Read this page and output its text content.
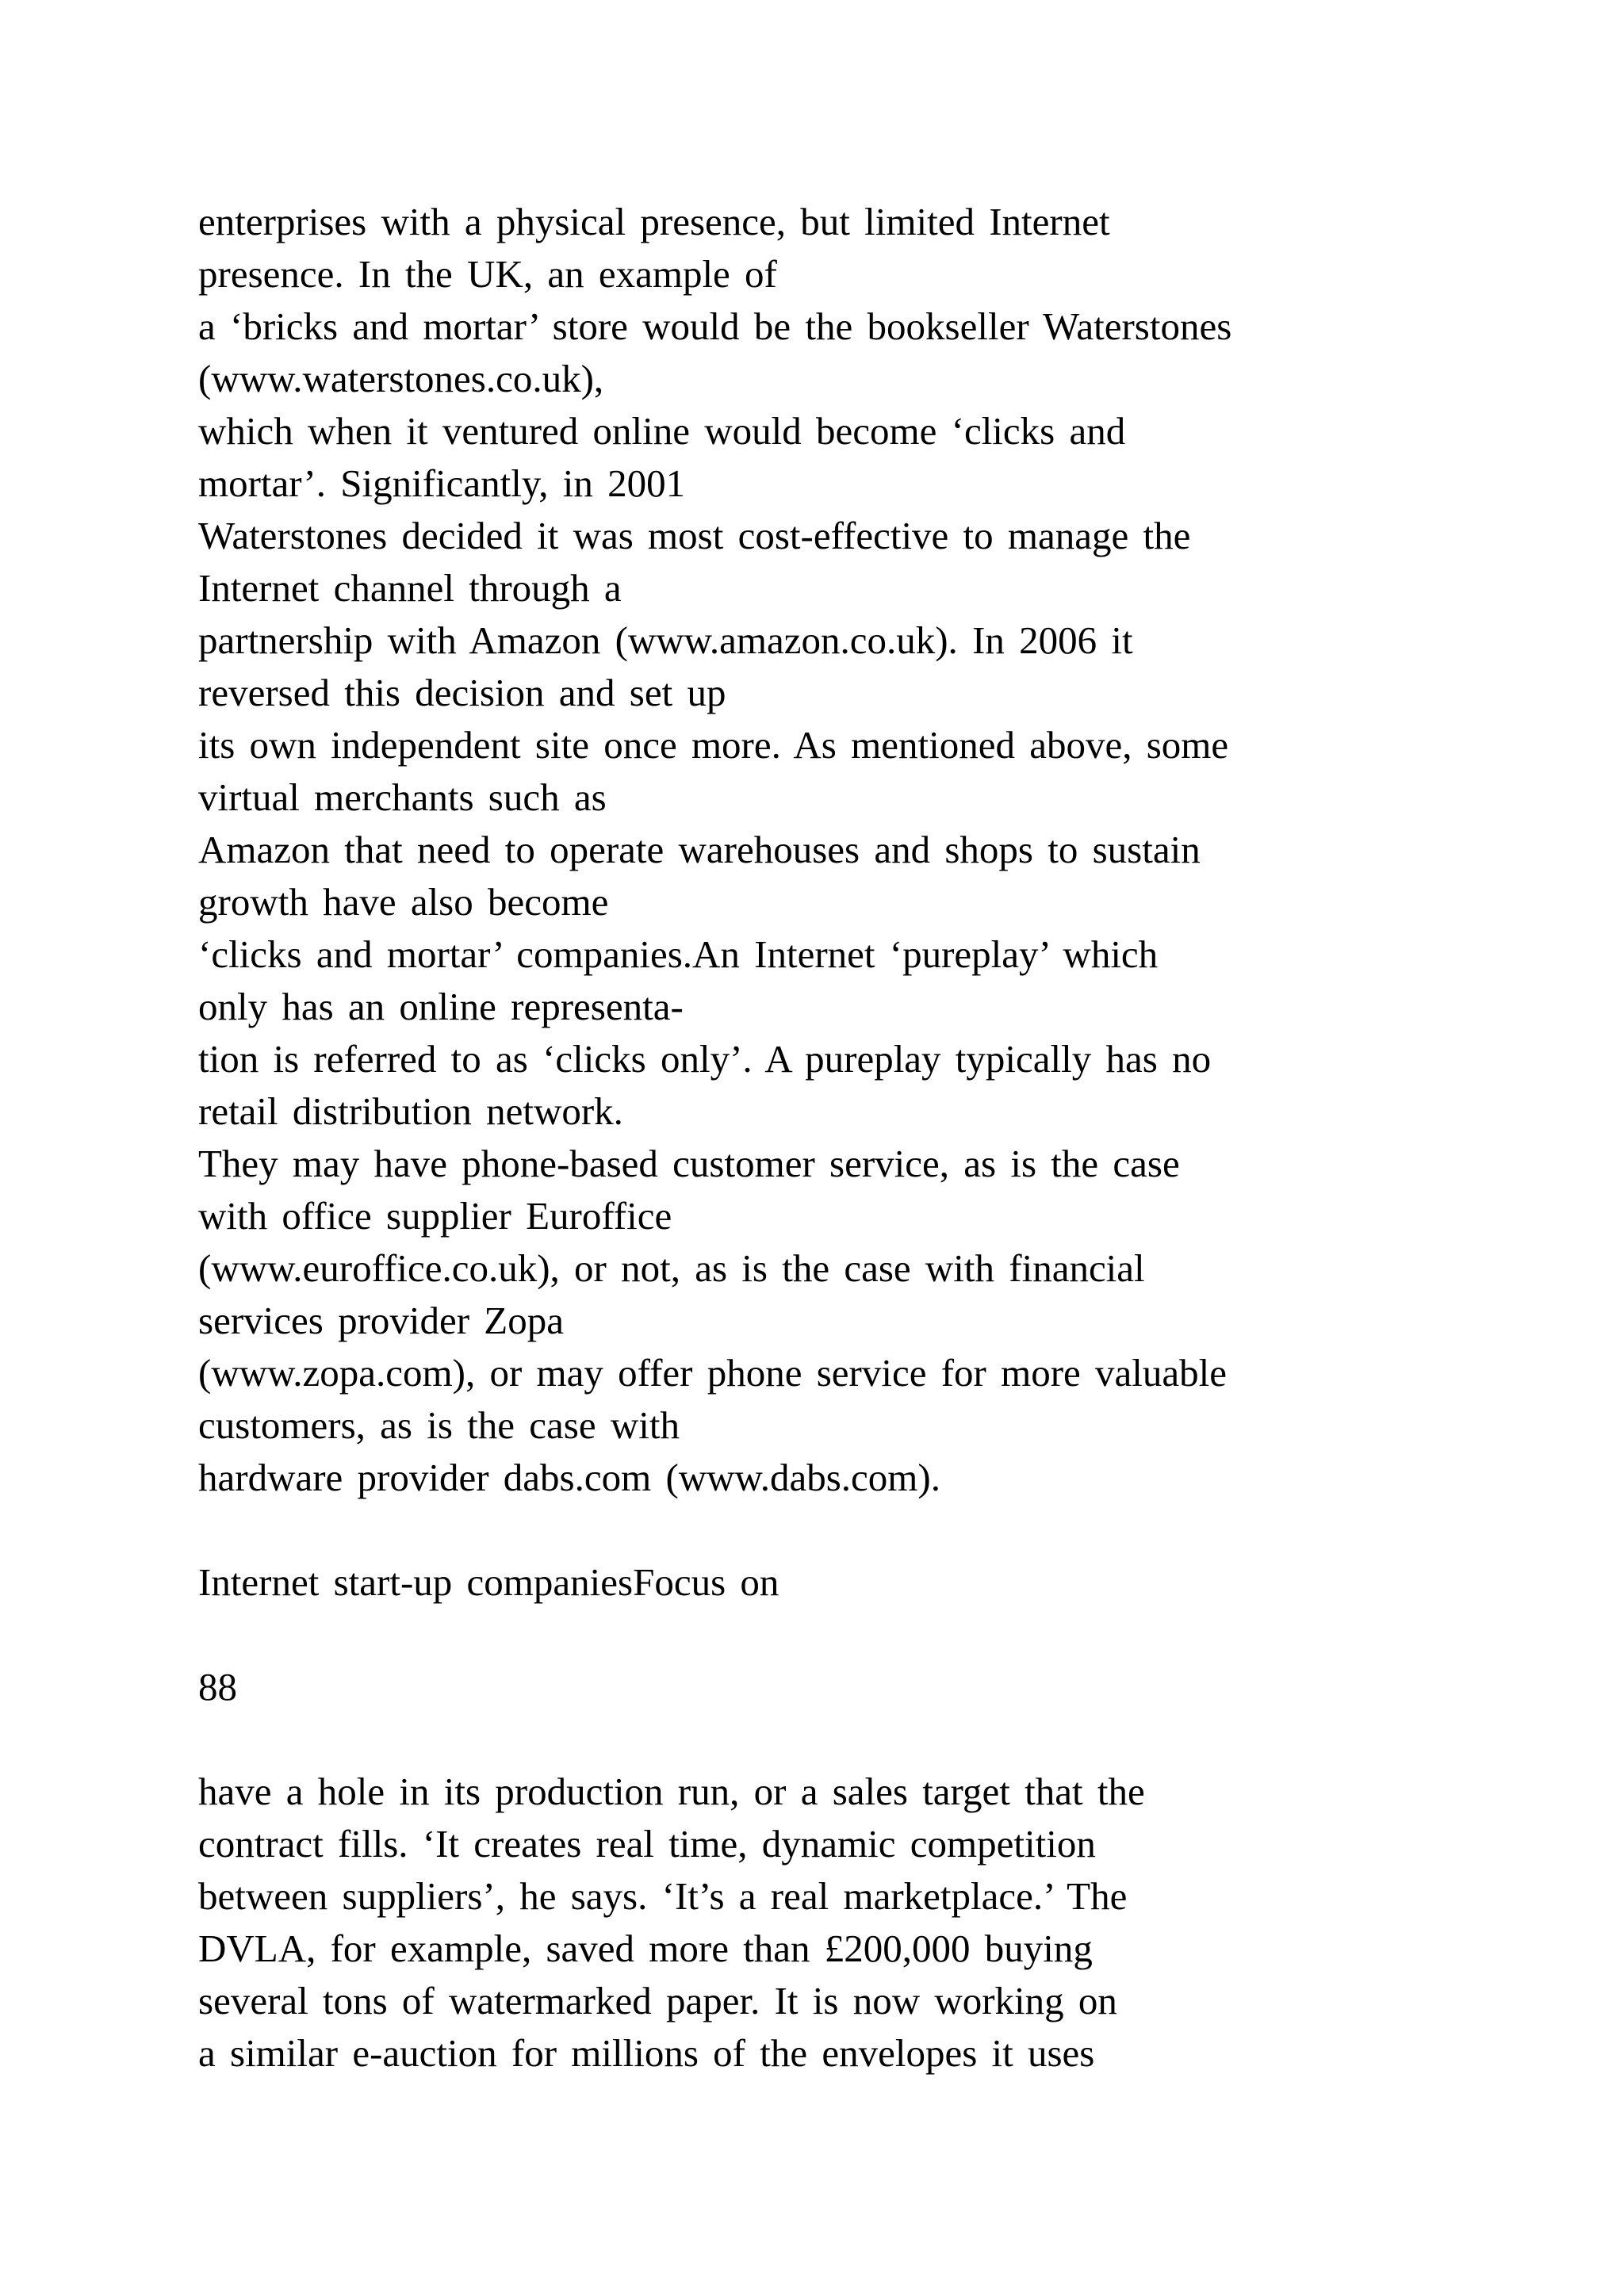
enterprises with a physical presence, but limited Internet
presence. In the UK, an example of
a ‘bricks and mortar’ store would be the bookseller Waterstones
(www.waterstones.co.uk),
which when it ventured online would become ‘clicks and
mortar’. Significantly, in 2001
Waterstones decided it was most cost-effective to manage the
Internet channel through a
partnership with Amazon (www.amazon.co.uk). In 2006 it
reversed this decision and set up
its own independent site once more. As mentioned above, some
virtual merchants such as
Amazon that need to operate warehouses and shops to sustain
growth have also become
‘clicks and mortar’ companies.An Internet ‘pureplay’ which
only has an online representa-
tion is referred to as ‘clicks only’. A pureplay typically has no
retail distribution network.
They may have phone-based customer service, as is the case
with office supplier Euroffice
(www.euroffice.co.uk), or not, as is the case with financial
services provider Zopa
(www.zopa.com), or may offer phone service for more valuable
customers, as is the case with
hardware provider dabs.com (www.dabs.com).
Internet start-up companiesFocus on
88
have a hole in its production run, or a sales target that the
contract fills. ‘It creates real time, dynamic competition
between suppliers’, he says. ‘It’s a real marketplace.’ The
DVLA, for example, saved more than £200,000 buying
several tons of watermarked paper. It is now working on
a similar e-auction for millions of the envelopes it uses
